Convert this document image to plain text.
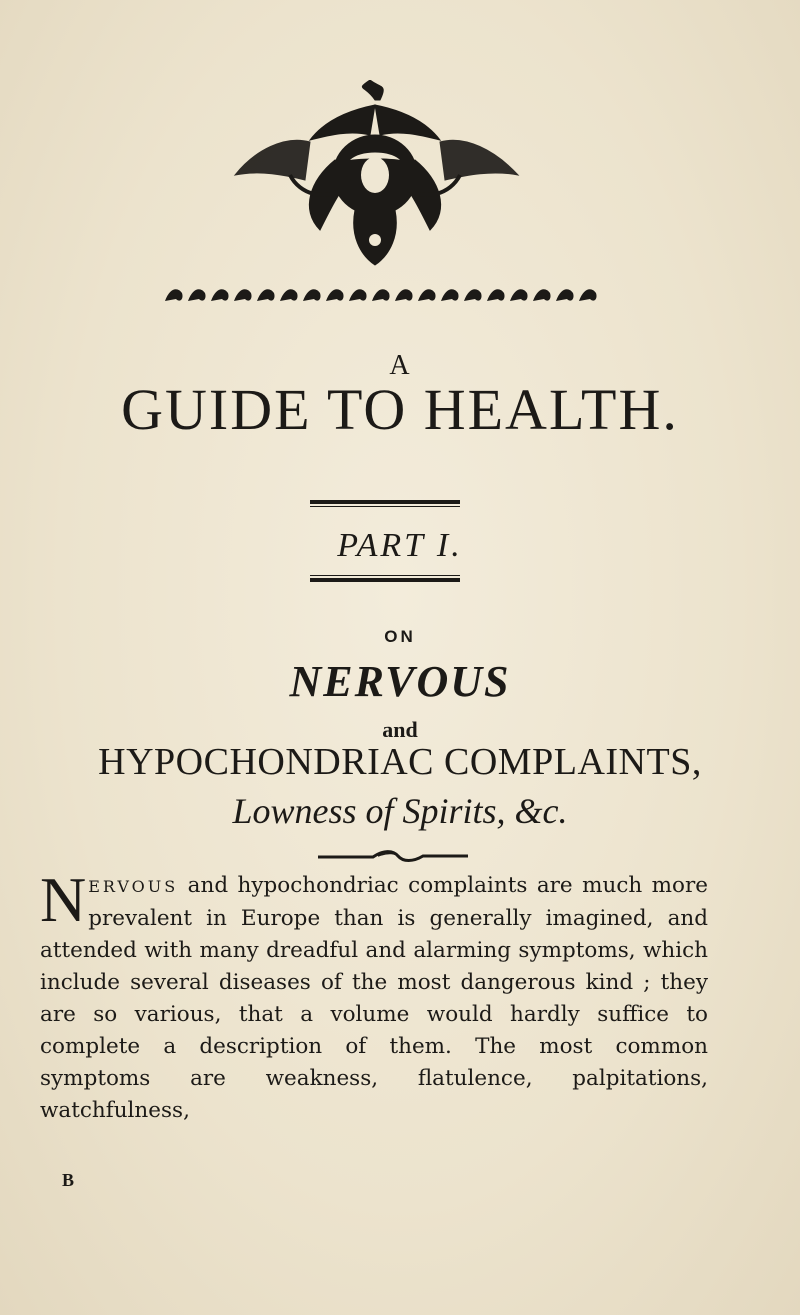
A
GUIDE TO HEALTH.
PART I.
ON
NERVOUS
and
HYPOCHONDRIAC COMPLAINTS,
Lowness of Spirits, &c.
NERVOUS and hypochondriac complaints are much more prevalent in Europe than is generally imagined, and attended with many dreadful and alarming symptoms, which include several diseases of the most dangerous kind ; they are so various, that a volume would hardly suffice to complete a description of them. The most common symptoms are weakness, flatulence, palpitations, watchfulness,
B
